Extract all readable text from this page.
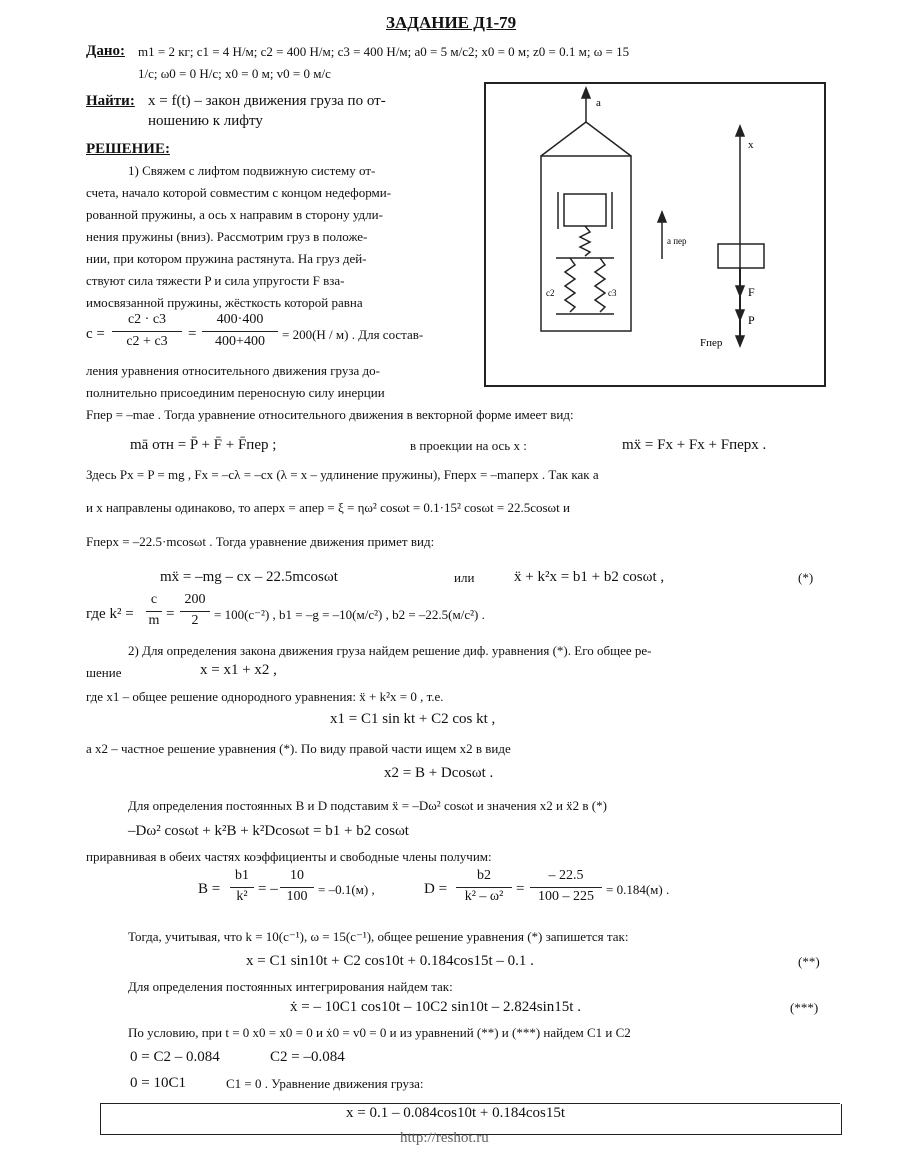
ЗАДАНИЕ Д1-79
Дано: m1 = 2 кг; c1 = 4 Н/м; c2 = 400 Н/м; c3 = 400 Н/м; a0 = 5 м/с2; x0 = 0 м; z0 = 0.1 м; ω = 15
1/с; ω0 = 0 Н/с; x0 = 0 м; v0 = 0 м/с
Найти: x = f(t) – закон движения груза по от-
ношению к лифту
РЕШЕНИЕ:
1) Свяжем с лифтом подвижную систему от-
счета, начало которой совместим с концом недеформи-
рованной пружины, а ось x направим в сторону удли-
нения пружины (вниз). Рассмотрим груз в положе-
нии, при котором пружина растянута. На груз дей-
ствуют сила тяжести P и сила упругости F вза-
имосвязанной пружины, жёсткость которой равна
c =
c2 · c3
c2 + c3	=
400·400
400+400	= 200(Н / м) . Для состав-
ления уравнения относительного движения груза до-
полнительно присоединим переносную силу инерции
Fпер = –mаe . Тогда уравнение относительного движения в векторной форме имеет вид:
a
x
a пер
c2	c3	F
P
Fпер
mā отн = P̄ + F̄ + F̄пер ;	в проекции на ось x :	mẍ = Fx + Fx + Fперx .
Здесь Px = P = mg , Fx = –cλ = –cx (λ = x – удлинение пружины), Fперx = –maперx . Так как a
и x направлены одинаково, то aперx = aпер = ξ = ηω² cosωt = 0.1·15² cosωt = 22.5cosωt и
Fперx = –22.5·mcosωt . Тогда уравнение движения примет вид:
mẍ = –mg – cx – 22.5mcosωt	или	ẍ + k²x = b1 + b2 cosωt ,	(*)
где k² =
c
m =
200
2	= 100(c⁻²) , b1 = –g = –10(м/с²) , b2 = –22.5(м/с²) .
2) Для определения закона движения груза найдем решение диф. уравнения (*). Его общее ре-
шение	x = x1 + x2 ,
где x1 – общее решение однородного уравнения: ẍ + k²x = 0 , т.е.
x1 = C1 sin kt + C2 cos kt ,
а x2 – частное решение уравнения (*). По виду правой части ищем x2 в виде
x2 = B + Dcosωt .
Для определения постоянных B и D подставим ẍ = –Dω² cosωt и значения x2 и ẍ2 в (*)
–Dω² cosωt + k²B + k²Dcosωt = b1 + b2 cosωt
приравнивая в обеих частях коэффициенты и свободные члены получим:
B =
b1
k² = –
10
100 = –0.1(м) ,	D =
b2
k² – ω² =
– 22.5
100 – 225 = 0.184(м) .
Тогда, учитывая, что k = 10(c⁻¹), ω = 15(c⁻¹), общее решение уравнения (*) запишется так:
x = C1 sin10t + C2 cos10t + 0.184cos15t – 0.1 .	(**)
Для определения постоянных интегрирования найдем так:
ẋ = – 10C1 cos10t – 10C2 sin10t – 2.824sin15t .	(***)
По условию, при t = 0 x0 = x0 = 0 и ẋ0 = v0 = 0 и из уравнений (**) и (***) найдем C1 и C2
0 = C2 – 0.084	C2 = –0.084
0 = 10C1	C1 = 0 . Уравнение движения груза:
x = 0.1 – 0.084cos10t + 0.184cos15t
http://reshot.ru
